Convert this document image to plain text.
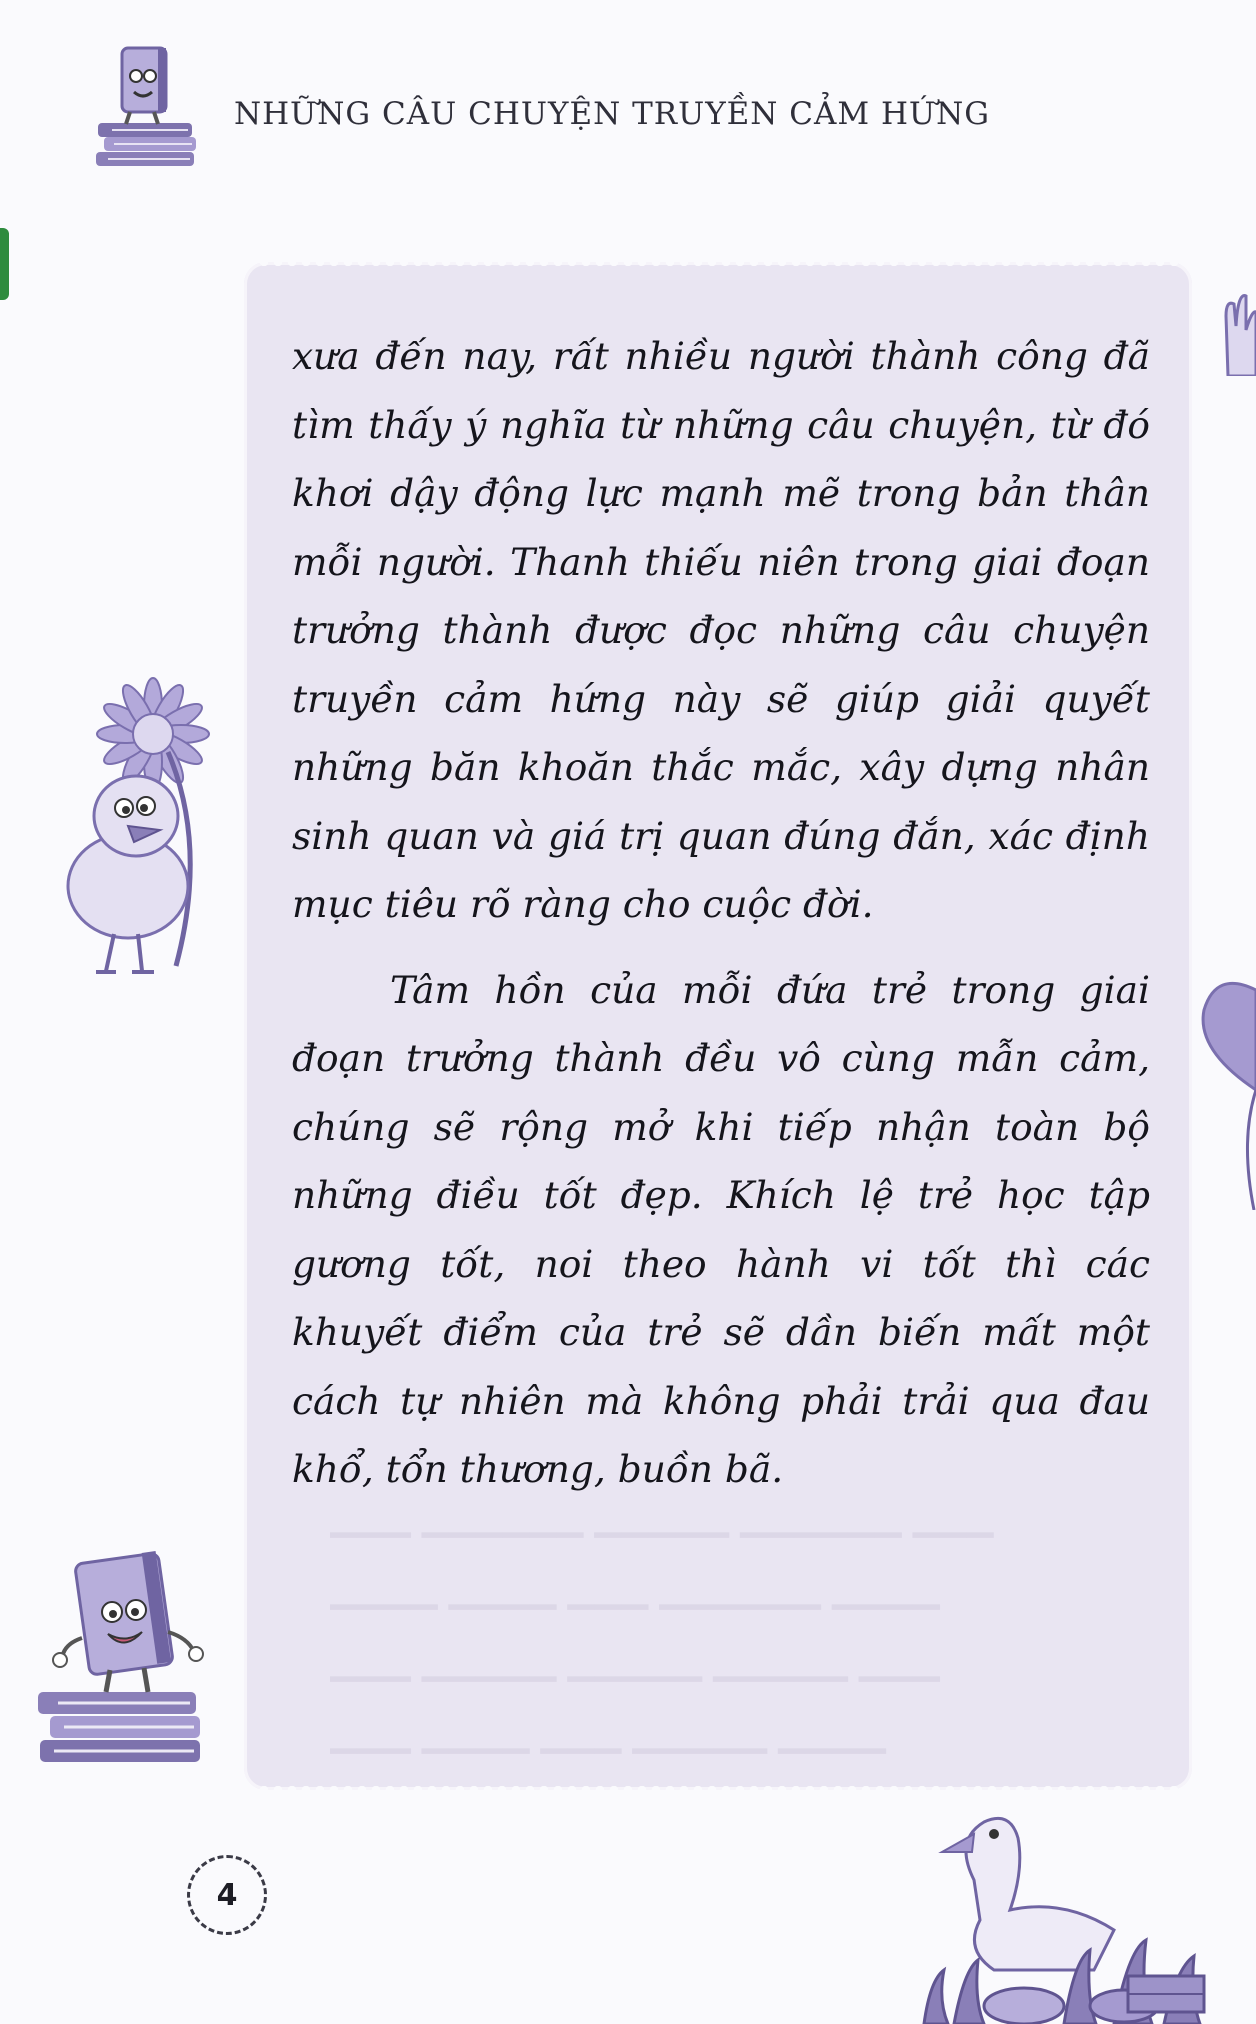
NHỮNG CÂU CHUYỆN TRUYỀN CẢM HỨNG
▁▁▁ ▁▁▁▁▁▁ ▁▁▁▁▁ ▁▁▁▁▁▁ ▁▁▁
▁▁▁▁ ▁▁▁▁ ▁▁▁ ▁▁▁▁▁▁ ▁▁▁▁
▁▁▁ ▁▁▁▁▁ ▁▁▁▁▁ ▁▁▁▁▁ ▁▁▁
▁▁▁ ▁▁▁▁ ▁▁▁ ▁▁▁▁▁ ▁▁▁▁

xưa đến nay, rất nhiều người thành công đã tìm thấy ý nghĩa từ những câu chuyện, từ đó khơi dậy động lực mạnh mẽ trong bản thân mỗi người. Thanh thiếu niên trong giai đoạn trưởng thành được đọc những câu chuyện truyền cảm hứng này sẽ giúp giải quyết những băn khoăn thắc mắc, xây dựng nhân sinh quan và giá trị quan đúng đắn, xác định mục tiêu rõ ràng cho cuộc đời.

Tâm hồn của mỗi đứa trẻ trong giai đoạn trưởng thành đều vô cùng mẫn cảm, chúng sẽ rộng mở khi tiếp nhận toàn bộ những điều tốt đẹp. Khích lệ trẻ học tập gương tốt, noi theo hành vi tốt thì các khuyết điểm của trẻ sẽ dần biến mất một cách tự nhiên mà không phải trải qua đau khổ, tổn thương, buồn bã.

4
